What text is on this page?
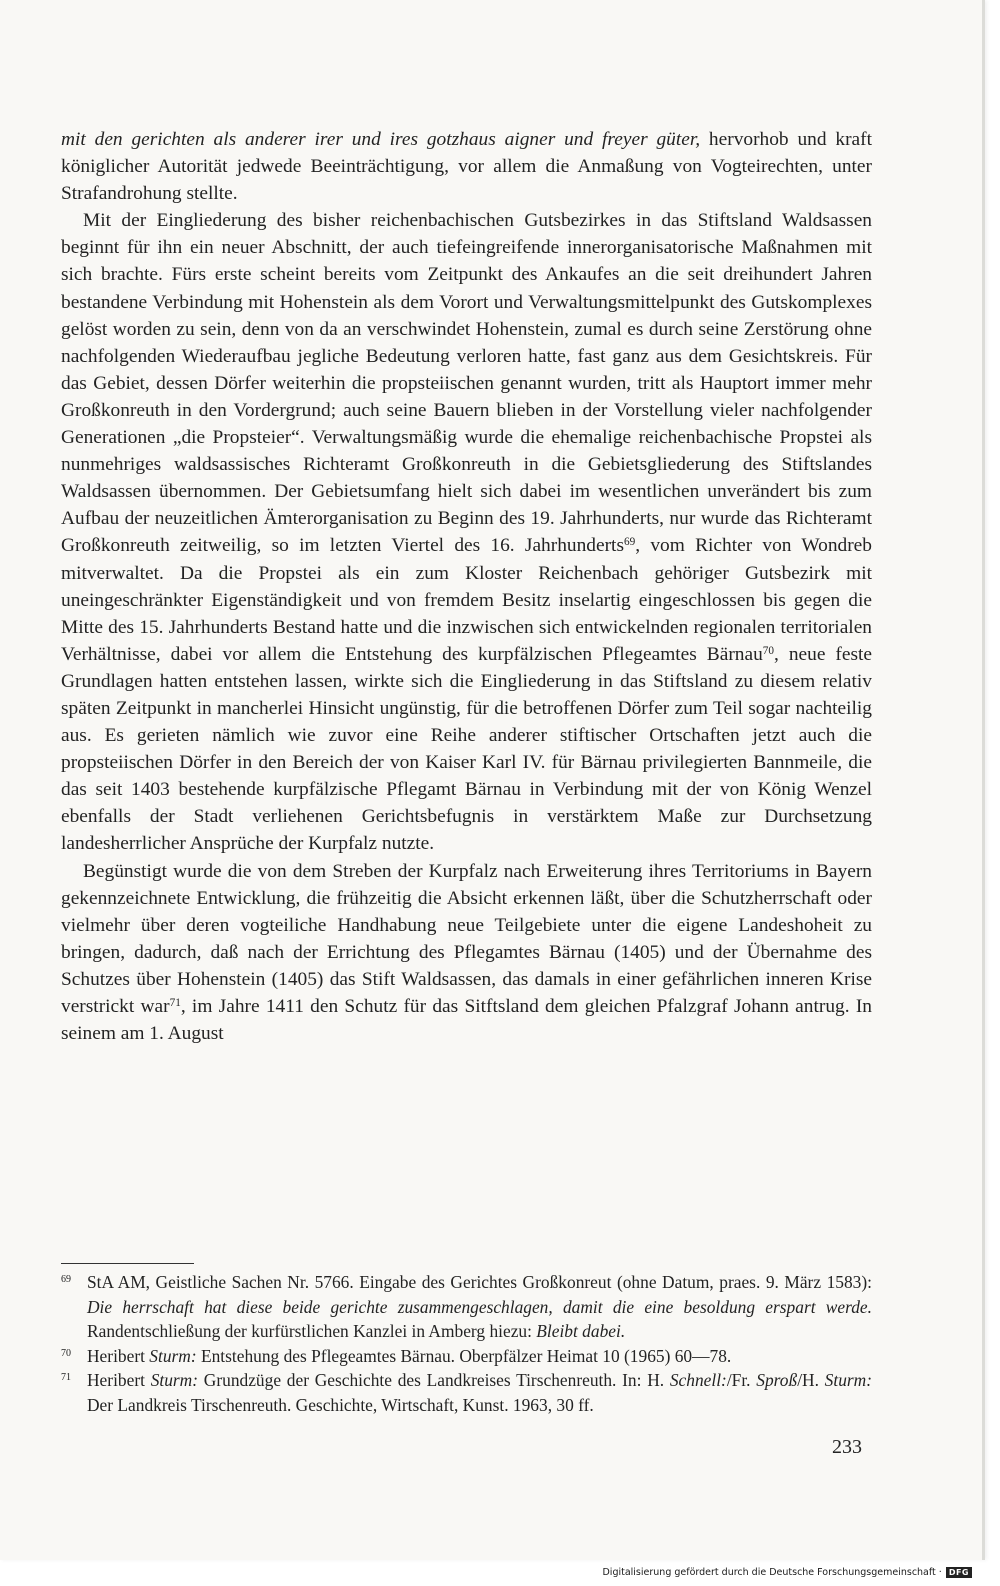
mit den gerichten als anderer irer und ires gotzhaus aigner und freyer güter, hervorhob und kraft königlicher Autorität jedwede Beeinträchtigung, vor allem die Anmaßung von Vogteirechten, unter Strafandrohung stellte.

Mit der Eingliederung des bisher reichenbachischen Gutsbezirkes in das Stiftsland Waldsassen beginnt für ihn ein neuer Abschnitt, der auch tiefeingreifende innerorganisatorische Maßnahmen mit sich brachte. Fürs erste scheint bereits vom Zeitpunkt des Ankaufes an die seit dreihundert Jahren bestandene Verbindung mit Hohenstein als dem Vorort und Verwaltungsmittelpunkt des Gutskomplexes gelöst worden zu sein, denn von da an verschwindet Hohenstein, zumal es durch seine Zerstörung ohne nachfolgenden Wiederaufbau jegliche Bedeutung verloren hatte, fast ganz aus dem Gesichtskreis. Für das Gebiet, dessen Dörfer weiterhin die propsteiischen genannt wurden, tritt als Hauptort immer mehr Großkonreuth in den Vordergrund; auch seine Bauern blieben in der Vorstellung vieler nachfolgender Generationen „die Propsteier“. Verwaltungsmäßig wurde die ehemalige reichenbachische Propstei als nunmehriges waldsassisches Richteramt Großkonreuth in die Gebietsgliederung des Stiftslandes Waldsassen übernommen. Der Gebietsumfang hielt sich dabei im wesentlichen unverändert bis zum Aufbau der neuzeitlichen Ämterorganisation zu Beginn des 19. Jahrhunderts, nur wurde das Richteramt Großkonreuth zeitweilig, so im letzten Viertel des 16. Jahrhunderts$^{69}$, vom Richter von Wondreb mitverwaltet. Da die Propstei als ein zum Kloster Reichenbach gehöriger Gutsbezirk mit uneingeschränkter Eigenständigkeit und von fremdem Besitz inselartig eingeschlossen bis gegen die Mitte des 15. Jahrhunderts Bestand hatte und die inzwischen sich entwickelnden regionalen territorialen Verhältnisse, dabei vor allem die Entstehung des kurpfälzischen Pflegeamtes Bärnau$^{70}$, neue feste Grundlagen hatten entstehen lassen, wirkte sich die Eingliederung in das Stiftsland zu diesem relativ späten Zeitpunkt in mancherlei Hinsicht ungünstig, für die betroffenen Dörfer zum Teil sogar nachteilig aus. Es gerieten nämlich wie zuvor eine Reihe anderer stiftischer Ortschaften jetzt auch die propsteiischen Dörfer in den Bereich der von Kaiser Karl IV. für Bärnau privilegierten Bannmeile, die das seit 1403 bestehende kurpfälzische Pflegamt Bärnau in Verbindung mit der von König Wenzel ebenfalls der Stadt verliehenen Gerichtsbefugnis in verstärktem Maße zur Durchsetzung landesherrlicher Ansprüche der Kurpfalz nutzte.

Begünstigt wurde die von dem Streben der Kurpfalz nach Erweiterung ihres Territoriums in Bayern gekennzeichnete Entwicklung, die frühzeitig die Absicht erkennen läßt, über die Schutzherrschaft oder vielmehr über deren vogteiliche Handhabung neue Teilgebiete unter die eigene Landeshoheit zu bringen, dadurch, daß nach der Errichtung des Pflegamtes Bärnau (1405) und der Übernahme des Schutzes über Hohenstein (1405) das Stift Waldsassen, das damals in einer gefährlichen inneren Krise verstrickt war$^{71}$, im Jahre 1411 den Schutz für das Sitftsland dem gleichen Pfalzgraf Johann antrug. In seinem am 1. August

69 StA AM, Geistliche Sachen Nr. 5766. Eingabe des Gerichtes Großkonreut (ohne Datum, praes. 9. März 1583): Die herrschaft hat diese beide gerichte zusammengeschlagen, damit die eine besoldung erspart werde. Randentschließung der kurfürstlichen Kanzlei in Amberg hiezu: Bleibt dabei.
70 Heribert Sturm: Entstehung des Pflegeamtes Bärnau. Oberpfälzer Heimat 10 (1965) 60—78.
71 Heribert Sturm: Grundzüge der Geschichte des Landkreises Tirschenreuth. In: H. Schnell:/Fr. Sproß/H. Sturm: Der Landkreis Tirschenreuth. Geschichte, Wirtschaft, Kunst. 1963, 30 ff.
233
Digitalisierung gefördert durch die Deutsche Forschungsgemeinschaft · DFG
